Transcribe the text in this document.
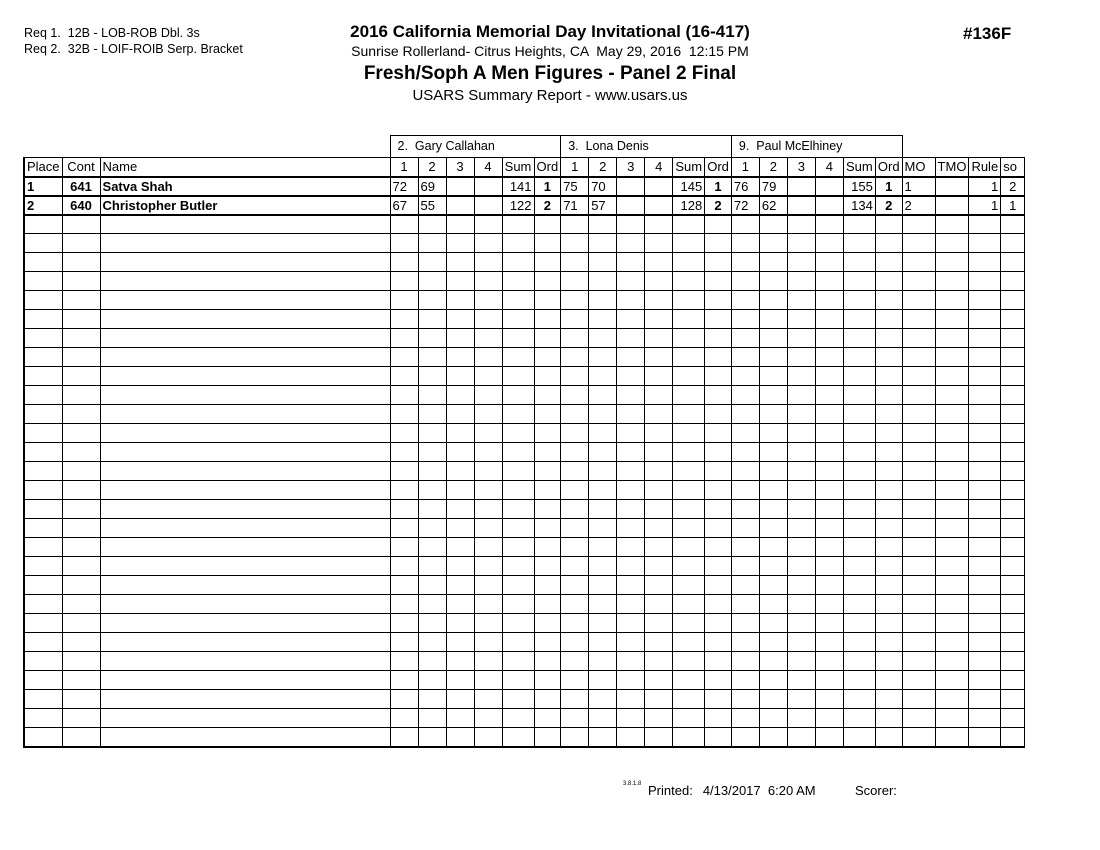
Req 1.  12B - LOB-ROB Dbl. 3s
Req 2.  32B - LOIF-ROIB Serp. Bracket
2016 California Memorial Day Invitational (16-417)
Sunrise Rollerland- Citrus Heights, CA  May 29, 2016  12:15 PM
Fresh/Soph A Men Figures - Panel 2 Final
USARS Summary Report - www.usars.us
#136F
			2.  Gary Callahan						3.  Lona Denis						9.  Paul McElhiney									
Place	Cont	Name	1	2	3	4	Sum	Ord	1	2	3	4	Sum	Ord	1	2	3	4	Sum	Ord	MO	TMO	Rule	so
1	641	Satva Shah	72	69			141	1	75	70			145	1	76	79			155	1	1		1	2
2	640	Christopher Butler	67	55			122	2	71	57			128	2	72	62			134	2	2		1	1

3.8.1.8 Printed: 4/13/2017  6:20 AM	Scorer:
